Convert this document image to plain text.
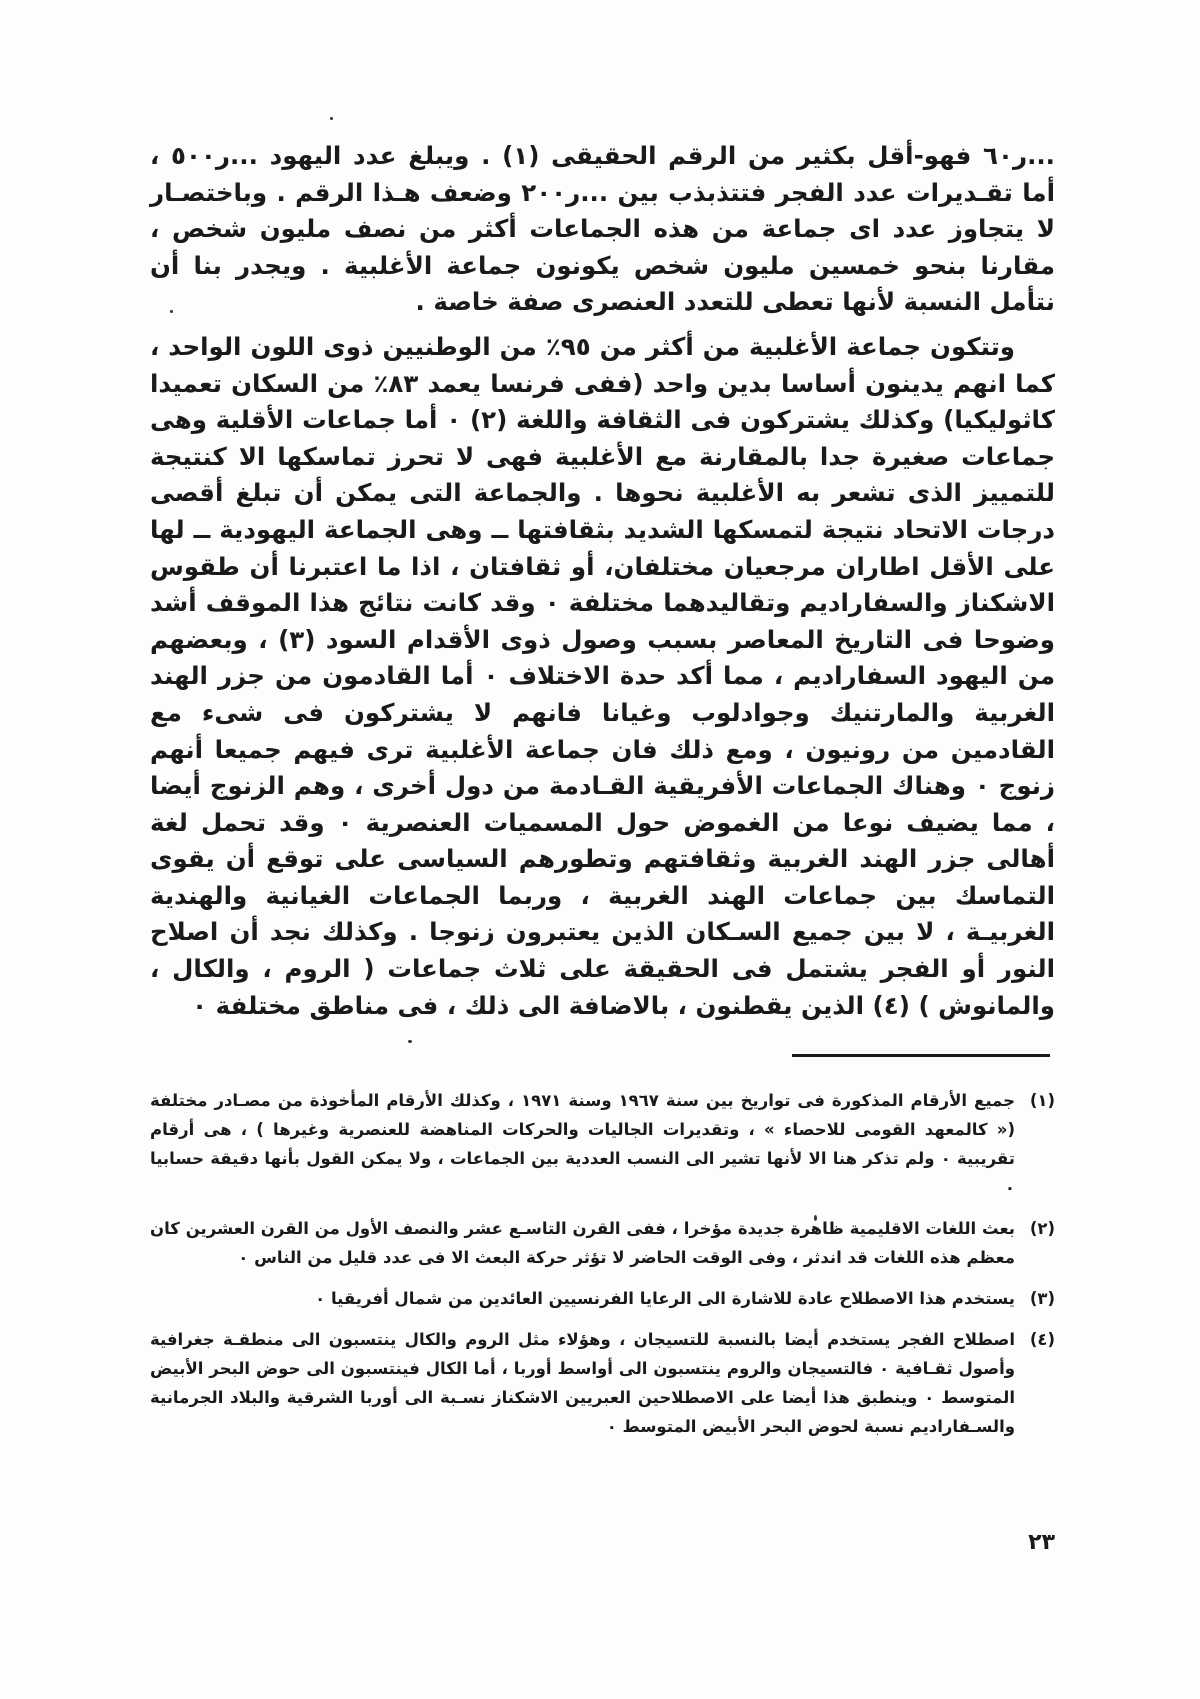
...ر٦٠ فهو-أقل بكثير من الرقم الحقيقى (١) . ويبلغ عدد اليهود ...ر٥٠٠ ، أما تقـديرات عدد الفجر فتتذبذب بين ...ر٢٠٠ وضعف هـذا الرقم . وباختصـار لا يتجاوز عدد اى جماعة من هذه الجماعات أكثر من نصف مليون شخص ، مقارنا بنحو خمسين مليون شخص يكونون جماعة الأغلبية . ويجدر بنا أن نتأمل النسبة لأنها تعطى للتعدد العنصرى صفة خاصة .

وتتكون جماعة الأغلبية من أكثر من ٩٥٪ من الوطنيين ذوى اللون الواحد ، كما انهم يدينون أساسا بدين واحد (ففى فرنسا يعمد ٨٣٪ من السكان تعميدا كاثوليكيا) وكذلك يشتركون فى الثقافة واللغة (٢) ٠ أما جماعات الأقلية وهى جماعات صغيرة جدا بالمقارنة مع الأغلبية فهى لا تحرز تماسكها الا كنتيجة للتمييز الذى تشعر به الأغلبية نحوها . والجماعة التى يمكن أن تبلغ أقصى درجات الاتحاد نتيجة لتمسكها الشديد بثقافتها ــ وهى الجماعة اليهودية ــ لها على الأقل اطاران مرجعيان مختلفان، أو ثقافتان ، اذا ما اعتبرنا أن طقوس الاشكناز والسفاراديم وتقاليدهما مختلفة ٠ وقد كانت نتائج هذا الموقف أشد وضوحا فى التاريخ المعاصر بسبب وصول ذوى الأقدام السود (٣) ، وبعضهم من اليهود السفاراديم ، مما أكد حدة الاختلاف ٠ أما القادمون من جزر الهند الغربية والمارتنيك وجوادلوب وغيانا فانهم لا يشتركون فى شىء مع القادمين من رونيون ، ومع ذلك فان جماعة الأغلبية ترى فيهم جميعا أنهم زنوج ٠ وهناك الجماعات الأفريقية القـادمة من دول أخرى ، وهم الزنوج أيضا ، مما يضيف نوعا من الغموض حول المسميات العنصرية ٠ وقد تحمل لغة أهالى جزر الهند الغربية وثقافتهم وتطورهم السياسى على توقع أن يقوى التماسك بين جماعات الهند الغربية ، وربما الجماعات الغيانية والهندية الغربيـة ، لا بين جميع السـكان الذين يعتبرون زنوجا . وكذلك نجد أن اصلاح النور أو الفجر يشتمل فى الحقيقة على ثلاث جماعات ( الروم ، والكال ، والمانوش ) (٤) الذين يقطنون ، بالاضافة الى ذلك ، فى مناطق مختلفة ٠

(١)
جميع الأرقام المذكورة فى تواريخ بين سنة ١٩٦٧ وسنة ١٩٧١ ، وكذلك الأرقام المأخوذة من مصـادر مختلفة (« كالمعهد القومى للاحصاء » ، وتقديرات الجاليات والحركات المناهضة للعنصرية وغيرها ) ، هى أرقام تقريبية ٠ ولم تذكر هنا الا لأنها تشير الى النسب العددية بين الجماعات ، ولا يمكن القول بأنها دقيقة حسابيا ٠
(٢)
بعث اللغات الاقليمية ظاهرة جديدة مؤخرا ، ففى القرن التاسـع عشر والنصف الأول من القرن العشرين كان معظم هذه اللغات قد اندثر ، وفى الوقت الحاضر لا تؤثر حركة البعث الا فى عدد قليل من الناس ٠
(٣)
يستخدم هذا الاصطلاح عادة للاشارة الى الرعايا الفرنسيين العائدين من شمال أفريقيا ٠
(٤)
اصطلاح الفجر يستخدم أيضا بالنسبة للتسيجان ، وهؤلاء مثل الروم والكال ينتسبون الى منطقـة جغرافية وأصول ثقـافية ٠ فالتسيجان والروم ينتسبون الى أواسط أوربا ، أما الكال فينتسبون الى حوض البحر الأبيض المتوسط ٠ وينطبق هذا أيضا على الاصطلاحين العبريين الاشكناز نسـبة الى أوربا الشرقية والبلاد الجرمانية والسـفاراديم نسبة لحوض البحر الأبيض المتوسط ٠
٢٣
